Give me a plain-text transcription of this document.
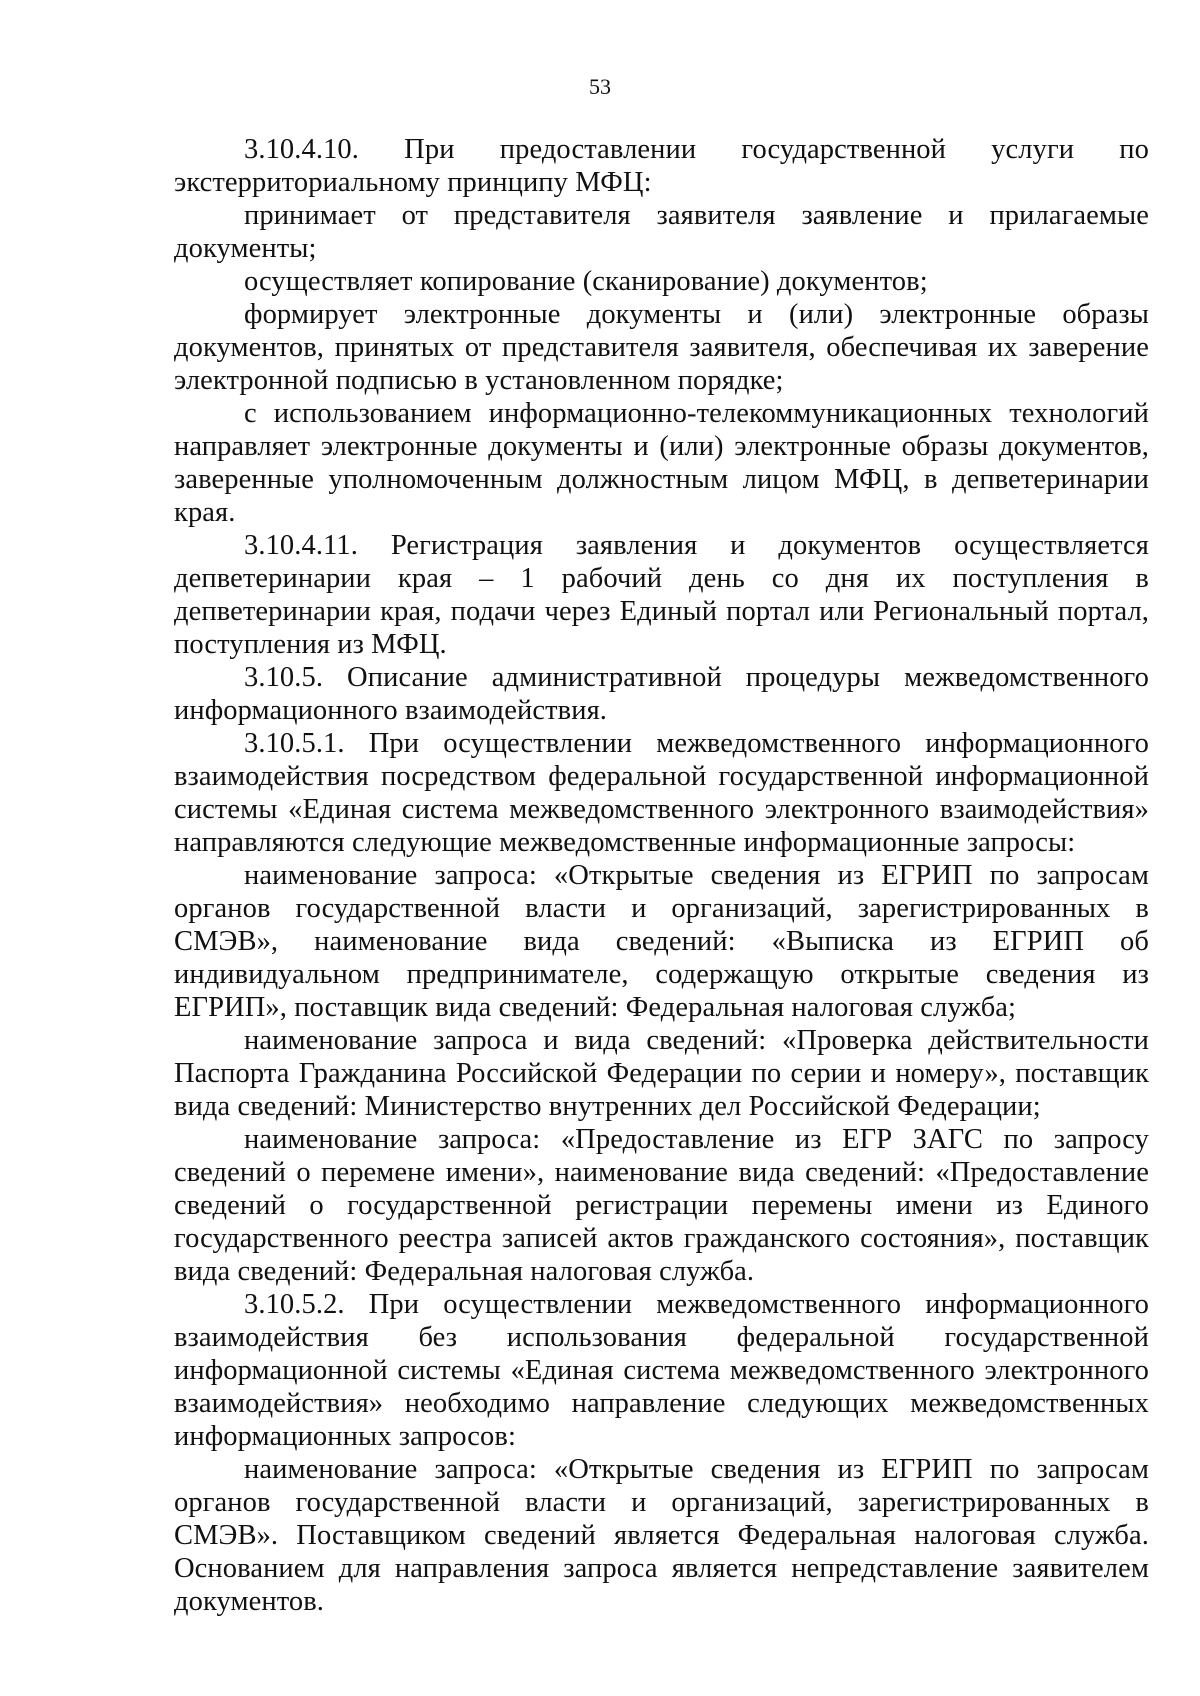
53

3.10.4.10. При предоставлении государственной услуги по экстерриториальному принципу МФЦ:

принимает от представителя заявителя заявление и прилагаемые документы;

осуществляет копирование (сканирование) документов;

формирует электронные документы и (или) электронные образы документов, принятых от представителя заявителя, обеспечивая их заверение электронной подписью в установленном порядке;

с использованием информационно-телекоммуникационных технологий направляет электронные документы и (или) электронные образы документов, заверенные уполномоченным должностным лицом МФЦ, в депветеринарии края.

3.10.4.11. Регистрация заявления и документов осуществляется депветеринарии края – 1 рабочий день со дня их поступления в депветеринарии края, подачи через Единый портал или Региональный портал, поступления из МФЦ.

3.10.5. Описание административной процедуры межведомственного информационного взаимодействия.

3.10.5.1. При осуществлении межведомственного информационного взаимодействия посредством федеральной государственной информационной системы «Единая система межведомственного электронного взаимодействия» направляются следующие межведомственные информационные запросы:

наименование запроса: «Открытые сведения из ЕГРИП по запросам органов государственной власти и организаций, зарегистрированных в СМЭВ», наименование вида сведений: «Выписка из ЕГРИП об индивидуальном предпринимателе, содержащую открытые сведения из ЕГРИП», поставщик вида сведений: Федеральная налоговая служба;

наименование запроса и вида сведений: «Проверка действительности Паспорта Гражданина Российской Федерации по серии и номеру», поставщик вида сведений: Министерство внутренних дел Российской Федерации;

наименование запроса: «Предоставление из ЕГР ЗАГС по запросу сведений о перемене имени», наименование вида сведений: «Предоставление сведений о государственной регистрации перемены имени из Единого государственного реестра записей актов гражданского состояния», поставщик вида сведений: Федеральная налоговая служба.

3.10.5.2. При осуществлении межведомственного информационного взаимодействия без использования федеральной государственной информационной системы «Единая система межведомственного электронного взаимодействия» необходимо направление следующих межведомственных информационных запросов:

наименование запроса: «Открытые сведения из ЕГРИП по запросам органов государственной власти и организаций, зарегистрированных в СМЭВ». Поставщиком сведений является Федеральная налоговая служба. Основанием для направления запроса является непредставление заявителем документов.
